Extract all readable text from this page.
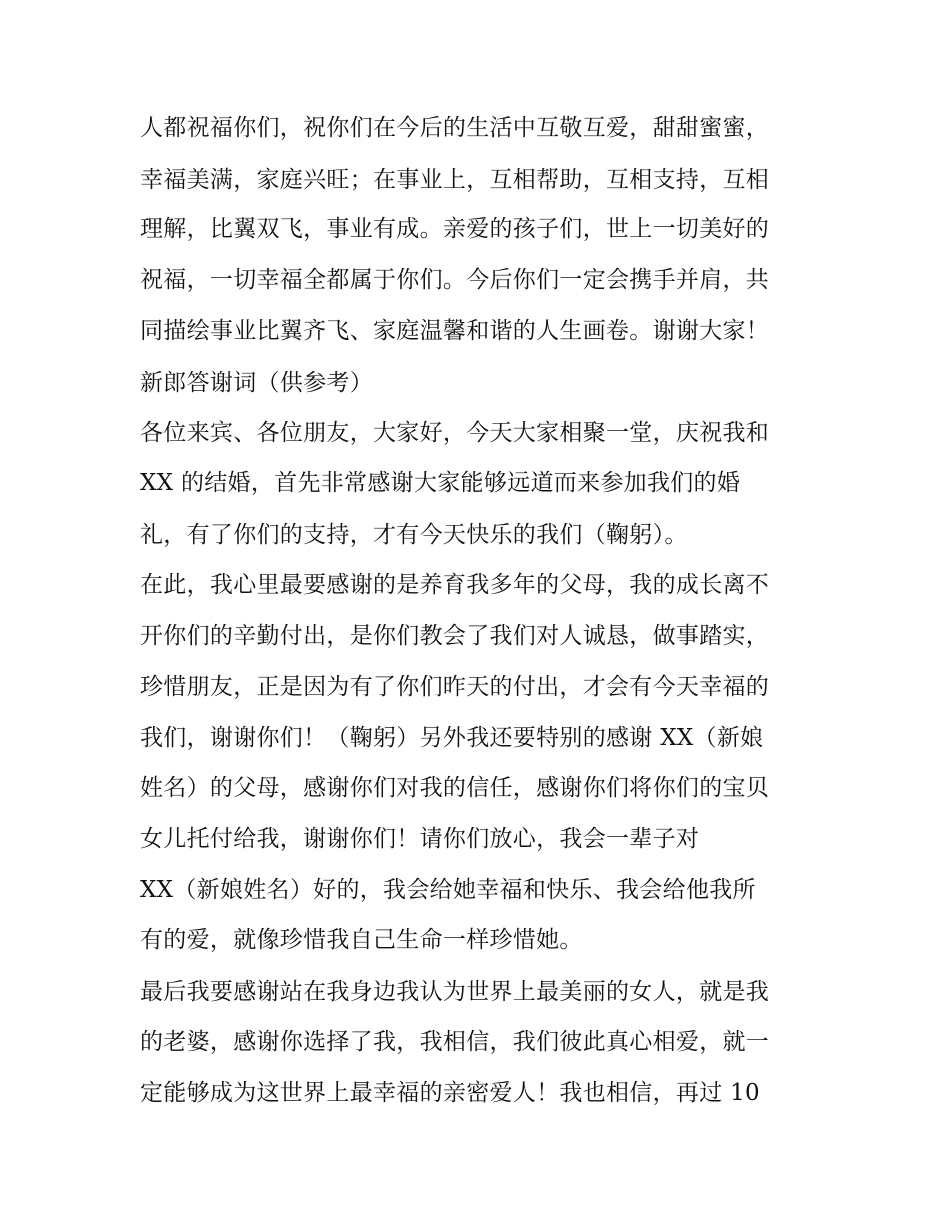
人都祝福你们，祝你们在今后的生活中互敬互爱，甜甜蜜蜜，
幸福美满，家庭兴旺；在事业上，互相帮助，互相支持，互相
理解，比翼双飞，事业有成。亲爱的孩子们，世上一切美好的
祝福，一切幸福全都属于你们。今后你们一定会携手并肩，共
同描绘事业比翼齐飞、家庭温馨和谐的人生画卷。谢谢大家！
新郎答谢词（供参考）
各位来宾、各位朋友，大家好，今天大家相聚一堂，庆祝我和
XX 的结婚，首先非常感谢大家能够远道而来参加我们的婚
礼，有了你们的支持，才有今天快乐的我们（鞠躬）。
在此，我心里最要感谢的是养育我多年的父母，我的成长离不
开你们的辛勤付出，是你们教会了我们对人诚恳，做事踏实，
珍惜朋友，正是因为有了你们昨天的付出，才会有今天幸福的
我们，谢谢你们！（鞠躬）另外我还要特别的感谢 XX（新娘
姓名）的父母，感谢你们对我的信任，感谢你们将你们的宝贝
女儿托付给我，谢谢你们！请你们放心，我会一辈子对
XX（新娘姓名）好的，我会给她幸福和快乐、我会给他我所
有的爱，就像珍惜我自己生命一样珍惜她。
最后我要感谢站在我身边我认为世界上最美丽的女人，就是我
的老婆，感谢你选择了我，我相信，我们彼此真心相爱，就一
定能够成为这世界上最幸福的亲密爱人！我也相信，再过 10
